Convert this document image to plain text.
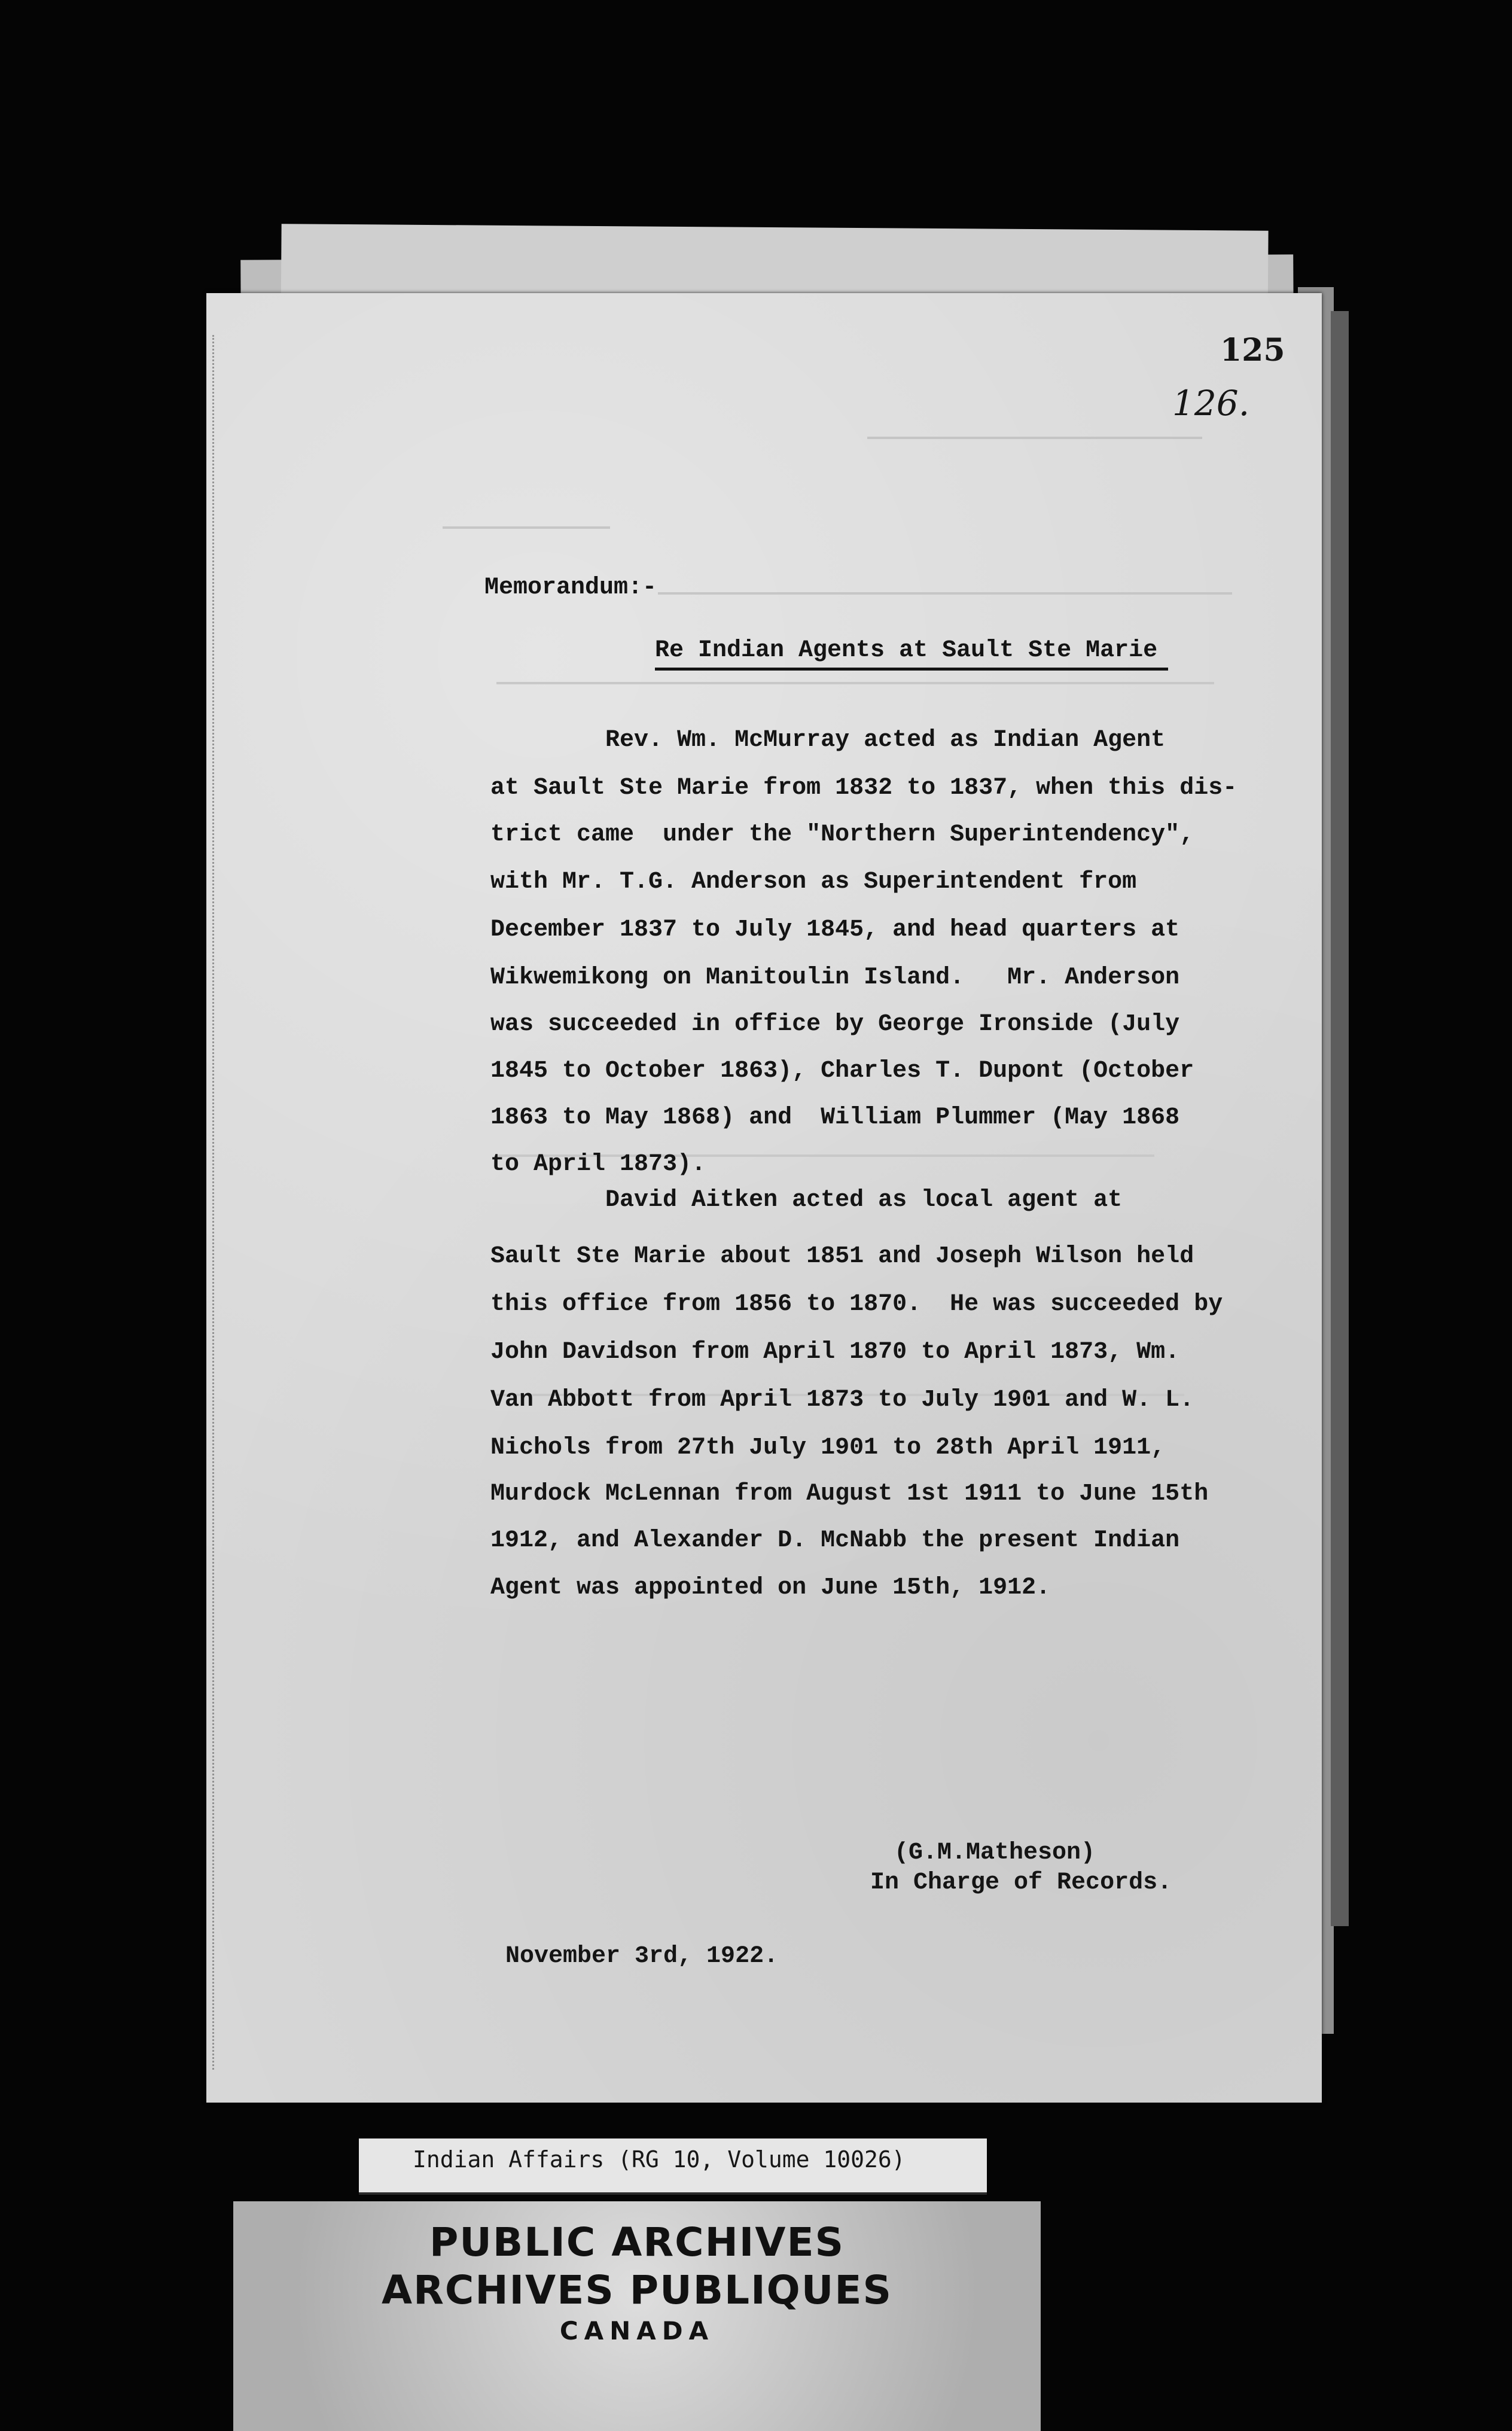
125
126.
Memorandum:-
Re Indian Agents at Sault Ste Marie
Rev. Wm. McMurray acted as Indian Agent
at Sault Ste Marie from 1832 to 1837, when this dis-
trict came  under the "Northern Superintendency",
with Mr. T.G. Anderson as Superintendent from
December 1837 to July 1845, and head quarters at
Wikwemikong on Manitoulin Island.   Mr. Anderson
was succeeded in office by George Ironside (July
1845 to October 1863), Charles T. Dupont (October
1863 to May 1868) and  William Plummer (May 1868
to April 1873).
David Aitken acted as local agent at
Sault Ste Marie about 1851 and Joseph Wilson held
this office from 1856 to 1870.  He was succeeded by
John Davidson from April 1870 to April 1873, Wm.
Van Abbott from April 1873 to July 1901 and W. L.
Nichols from 27th July 1901 to 28th April 1911,
Murdock McLennan from August 1st 1911 to June 15th
1912, and Alexander D. McNabb the present Indian
Agent was appointed on June 15th, 1912.
(G.M.Matheson)
In Charge of Records.
November 3rd, 1922.
Indian Affairs (RG 10, Volume 10026)
PUBLIC ARCHIVES
ARCHIVES PUBLIQUES
CANADA
